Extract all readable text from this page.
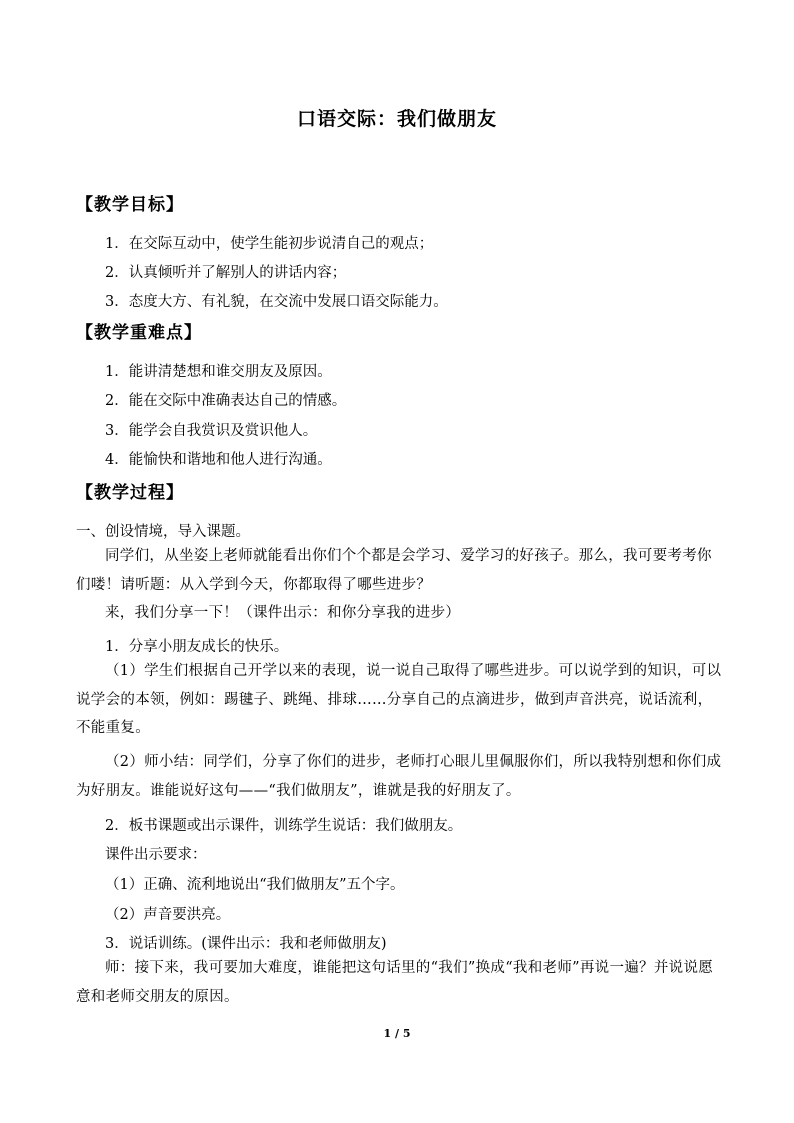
口语交际：我们做朋友
【教学目标】
1．在交际互动中，使学生能初步说清自己的观点；
2．认真倾听并了解别人的讲话内容；
3．态度大方、有礼貌，在交流中发展口语交际能力。
【教学重难点】
1．能讲清楚想和谁交朋友及原因。
2．能在交际中准确表达自己的情感。
3．能学会自我赏识及赏识他人。
4．能愉快和谐地和他人进行沟通。
【教学过程】
一、创设情境，导入课题。
同学们，从坐姿上老师就能看出你们个个都是会学习、爱学习的好孩子。那么，我可要考考你们喽！请听题：从入学到今天，你都取得了哪些进步？
来，我们分享一下！（课件出示：和你分享我的进步）
1．分享小朋友成长的快乐。
（1）学生们根据自己开学以来的表现，说一说自己取得了哪些进步。可以说学到的知识，可以说学会的本领，例如：踢毽子、跳绳、排球……分享自己的点滴进步，做到声音洪亮，说话流利，不能重复。
（2）师小结：同学们，分享了你们的进步，老师打心眼儿里佩服你们，所以我特别想和你们成为好朋友。谁能说好这句——“我们做朋友”，谁就是我的好朋友了。
2．板书课题或出示课件，训练学生说话：我们做朋友。
课件出示要求：
（1）正确、流利地说出“我们做朋友”五个字。
（2）声音要洪亮。
3．说话训练。(课件出示：我和老师做朋友)
师：接下来，我可要加大难度，谁能把这句话里的“我们”换成“我和老师”再说一遍？并说说愿意和老师交朋友的原因。
1 / 5
